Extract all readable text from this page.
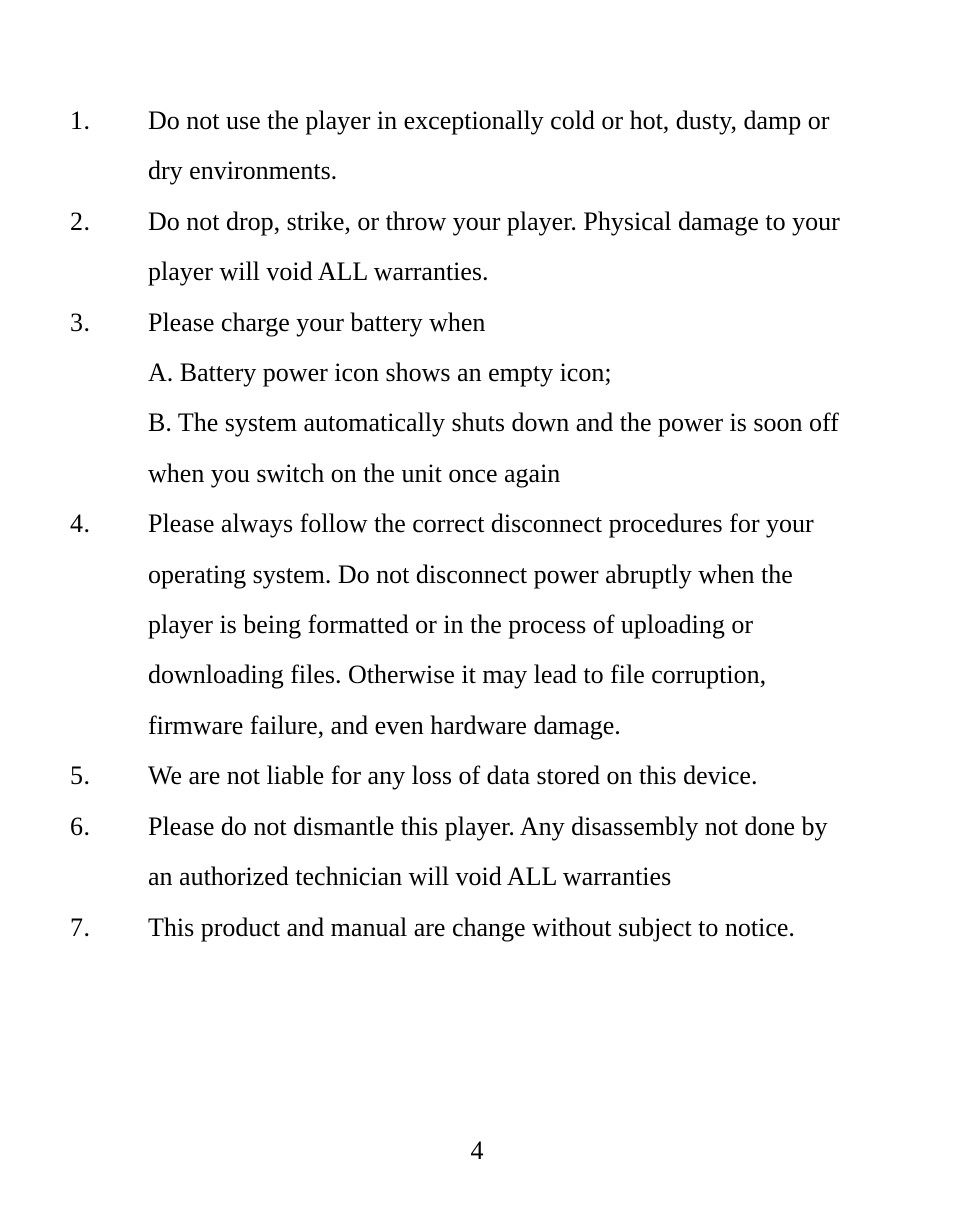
1.	Do not use the player in exceptionally cold or hot, dusty, damp or
dry environments.
2.	Do not drop, strike, or throw your player. Physical damage to your
player will void ALL warranties.
3.	Please charge your battery when
A. Battery power icon shows an empty icon;
B. The system automatically shuts down and the power is soon off
when you switch on the unit once again
4.	Please always follow the correct disconnect procedures for your
operating system. Do not disconnect power abruptly when the
player is being formatted or in the process of uploading or
downloading files. Otherwise it may lead to file corruption,
firmware failure, and even hardware damage.
5.	We are not liable for any loss of data stored on this device.
6.	Please do not dismantle this player. Any disassembly not done by
an authorized technician will void ALL warranties
7.	This product and manual are change without subject to notice.
4
